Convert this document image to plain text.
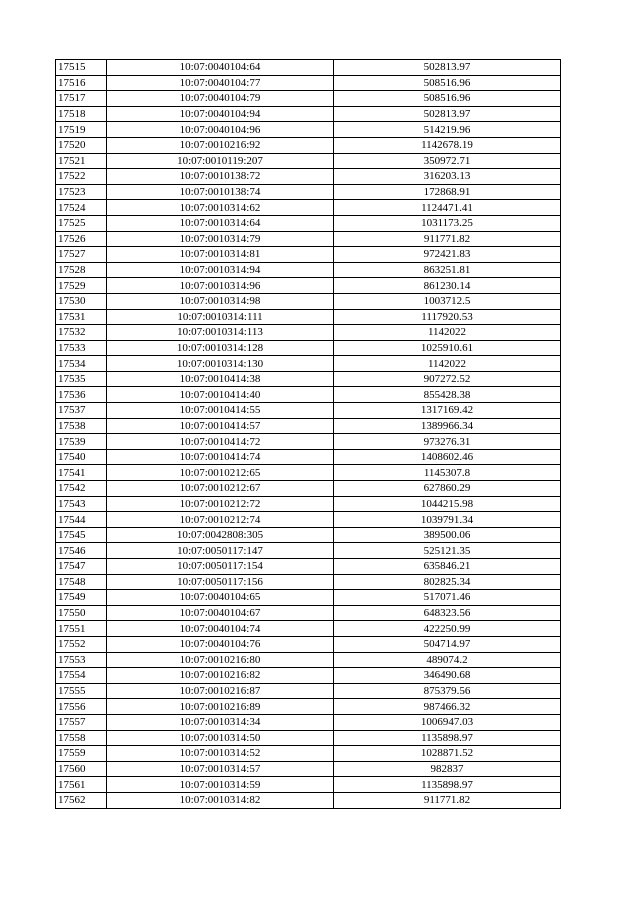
17515	10:07:0040104:64	502813.97
17516	10:07:0040104:77	508516.96
17517	10:07:0040104:79	508516.96
17518	10:07:0040104:94	502813.97
17519	10:07:0040104:96	514219.96
17520	10:07:0010216:92	1142678.19
17521	10:07:0010119:207	350972.71
17522	10:07:0010138:72	316203.13
17523	10:07:0010138:74	172868.91
17524	10:07:0010314:62	1124471.41
17525	10:07:0010314:64	1031173.25
17526	10:07:0010314:79	911771.82
17527	10:07:0010314:81	972421.83
17528	10:07:0010314:94	863251.81
17529	10:07:0010314:96	861230.14
17530	10:07:0010314:98	1003712.5
17531	10:07:0010314:111	1117920.53
17532	10:07:0010314:113	1142022
17533	10:07:0010314:128	1025910.61
17534	10:07:0010314:130	1142022
17535	10:07:0010414:38	907272.52
17536	10:07:0010414:40	855428.38
17537	10:07:0010414:55	1317169.42
17538	10:07:0010414:57	1389966.34
17539	10:07:0010414:72	973276.31
17540	10:07:0010414:74	1408602.46
17541	10:07:0010212:65	1145307.8
17542	10:07:0010212:67	627860.29
17543	10:07:0010212:72	1044215.98
17544	10:07:0010212:74	1039791.34
17545	10:07:0042808:305	389500.06
17546	10:07:0050117:147	525121.35
17547	10:07:0050117:154	635846.21
17548	10:07:0050117:156	802825.34
17549	10:07:0040104:65	517071.46
17550	10:07:0040104:67	648323.56
17551	10:07:0040104:74	422250.99
17552	10:07:0040104:76	504714.97
17553	10:07:0010216:80	489074.2
17554	10:07:0010216:82	346490.68
17555	10:07:0010216:87	875379.56
17556	10:07:0010216:89	987466.32
17557	10:07:0010314:34	1006947.03
17558	10:07:0010314:50	1135898.97
17559	10:07:0010314:52	1028871.52
17560	10:07:0010314:57	982837
17561	10:07:0010314:59	1135898.97
17562	10:07:0010314:82	911771.82
